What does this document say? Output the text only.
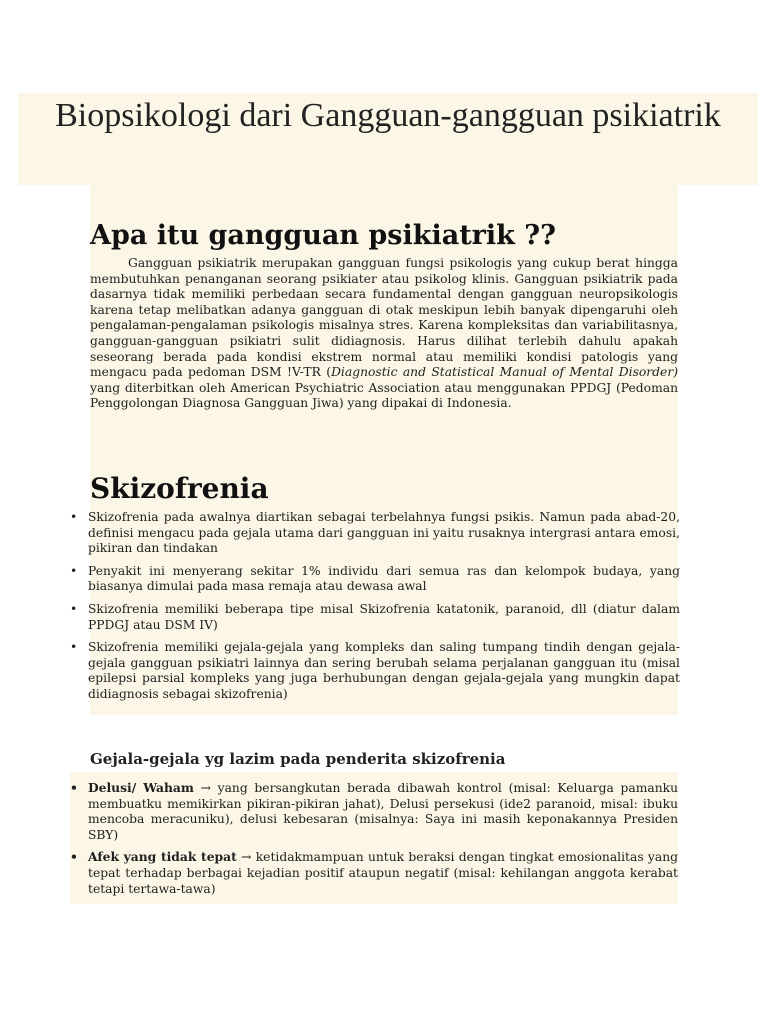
Biopsikologi dari Gangguan-gangguan psikiatrik
Apa itu gangguan psikiatrik ??

Gangguan psikiatrik merupakan gangguan fungsi psikologis yang cukup berat hingga membutuhkan penanganan seorang psikiater atau psikolog klinis. Gangguan psikiatrik pada dasarnya tidak memiliki perbedaan secara fundamental dengan gangguan neuropsikologis karena tetap melibatkan adanya gangguan di otak meskipun lebih banyak dipengaruhi oleh pengalaman-pengalaman psikologis misalnya stres. Karena kompleksitas dan variabilitasnya, gangguan-gangguan psikiatri sulit didiagnosis. Harus dilihat terlebih dahulu apakah seseorang berada pada kondisi ekstrem normal atau memiliki kondisi patologis yang mengacu pada pedoman DSM !V-TR (Diagnostic and Statistical Manual of Mental Disorder) yang diterbitkan oleh American Psychiatric Association atau menggunakan PPDGJ (Pedoman Penggolongan Diagnosa Gangguan Jiwa) yang dipakai di Indonesia.

Skizofrenia
• Skizofrenia pada awalnya diartikan sebagai terbelahnya fungsi psikis. Namun pada abad-20, definisi mengacu pada gejala utama dari gangguan ini yaitu rusaknya intergrasi antara emosi, pikiran dan tindakan
• Penyakit ini menyerang sekitar 1% individu dari semua ras dan kelompok budaya, yang biasanya dimulai pada masa remaja atau dewasa awal
• Skizofrenia memiliki beberapa tipe misal Skizofrenia katatonik, paranoid, dll (diatur dalam PPDGJ atau DSM IV)
• Skizofrenia memiliki gejala-gejala yang kompleks dan saling tumpang tindih dengan gejala-gejala gangguan psikiatri lainnya dan sering berubah selama perjalanan gangguan itu (misal epilepsi parsial kompleks yang juga berhubungan dengan gejala-gejala yang mungkin dapat didiagnosis sebagai skizofrenia)
Gejala-gejala yg lazim pada penderita skizofrenia
• Delusi/ Waham → yang bersangkutan berada dibawah kontrol (misal: Keluarga pamanku membuatku memikirkan pikiran-pikiran jahat), Delusi persekusi (ide2 paranoid, misal: ibuku mencoba meracuniku), delusi kebesaran (misalnya: Saya ini masih keponakannya Presiden SBY)
• Afek yang tidak tepat → ketidakmampuan untuk beraksi dengan tingkat emosionalitas yang tepat terhadap berbagai kejadian positif ataupun negatif (misal: kehilangan anggota kerabat tetapi tertawa-tawa)
